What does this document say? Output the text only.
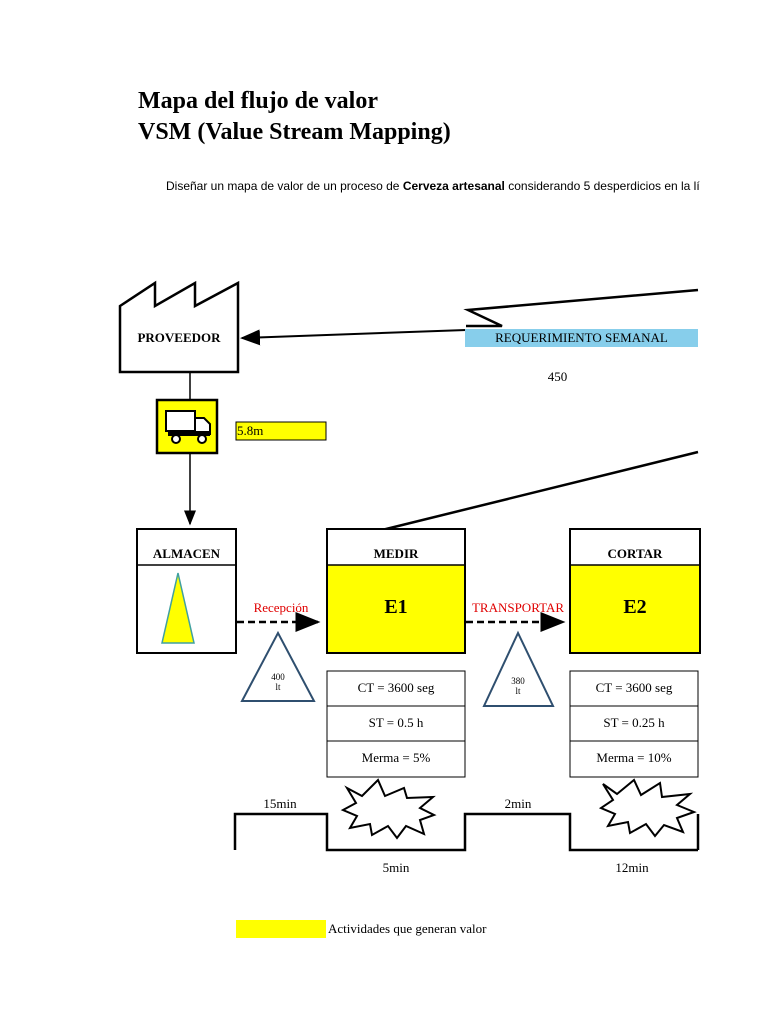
Mapa del flujo de valor
VSM (Value Stream Mapping)
Diseñar un mapa de valor de un proceso de Cerveza artesanal considerando 5 desperdicios en la lí
PROVEEDOR	REQUERIMIENTO SEMANAL
450
5.8m
ALMACEN	MEDIR
E1
CORTAR
E2
Recepción	TRANSPORTAR
400
lt
380
lt
CT = 3600 seg
ST = 0.5 h
Merma = 5%
CT = 3600 seg
ST = 0.25 h
Merma = 10%
15min	2min
5min	12min
Actividades que generan valor
